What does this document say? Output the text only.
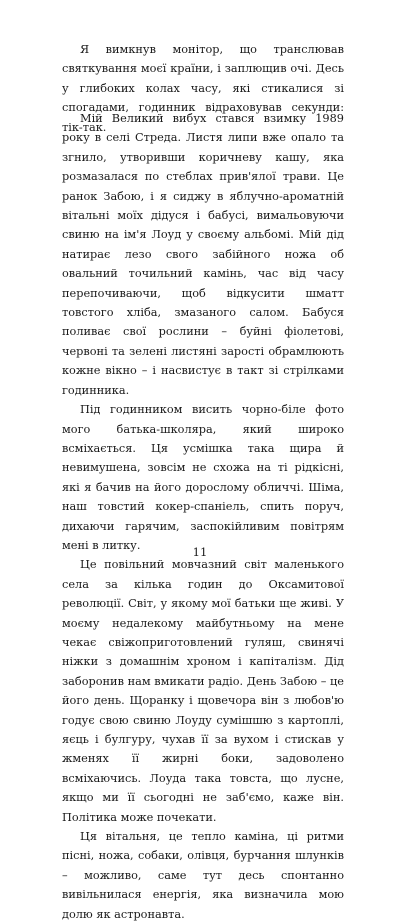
Я вимкнув монітор, що транслював святкування моєї країни, і заплющив очі. Десь у глибоких колах часу, які стикалися зі спогадами, годинник відраховував секунди: тік-так.

Мій Великий вибух стався взимку 1989 року в селі Стреда. Листя липи вже опало та згнило, утворивши коричневу кашу, яка розмазалася по стеблах прив'ялої трави. Це ранок Забою, і я сиджу в яблучно-ароматній вітальні моїх дідуся і бабусі, вимальовуючи свиню на ім'я Лоуд у своєму альбомі. Мій дід натирає лезо свого забійного ножа об овальний точильний камінь, час від часу перепочиваючи, щоб відкусити шматт товстого хліба, змазаного салом. Бабуся поливає свої рослини – буйні фіолетові, червоні та зелені листяні зарості обрамлюють кожне вікно – і насвистує в такт зі стрілками годинника.

Під годинником висить чорно-біле фото мого батька-школяра, який широко всміхається. Ця усмішка така щира й невимушена, зовсім не схожа на ті рідкісні, які я бачив на його дорослому обличчі. Шіма, наш товстий кокер-спаніель, спить поруч, дихаючи гарячим, заспокійливим повітрям мені в литку.

Це повільний мовчазний світ маленького села за кілька годин до Оксамитової революції. Світ, у якому мої батьки ще живі. У моєму недалекому майбутньому на мене чекає свіжоприготовлений гуляш, свинячі ніжки з домашнім хроном і капіталізм. Дід заборонив нам вмикати радіо. День Забою – це його день. Щоранку і щовечора він з любов'ю годує свою свиню Лоуду сумішшю з картоплі, яєць і булгуру, чухав її за вухом і стискав у жменях її жирні боки, задоволено всміхаючись. Лоуда така товста, що лусне, якщо ми її сьогодні не заб'ємо, каже він. Політика може почекати.

Ця вітальня, це тепло каміна, ці ритми пісні, ножа, собаки, олівця, бурчання шлунків – можливо, саме тут десь спонтанно вивільнилася енергія, яка визначила мою долю як астронавта.

11
